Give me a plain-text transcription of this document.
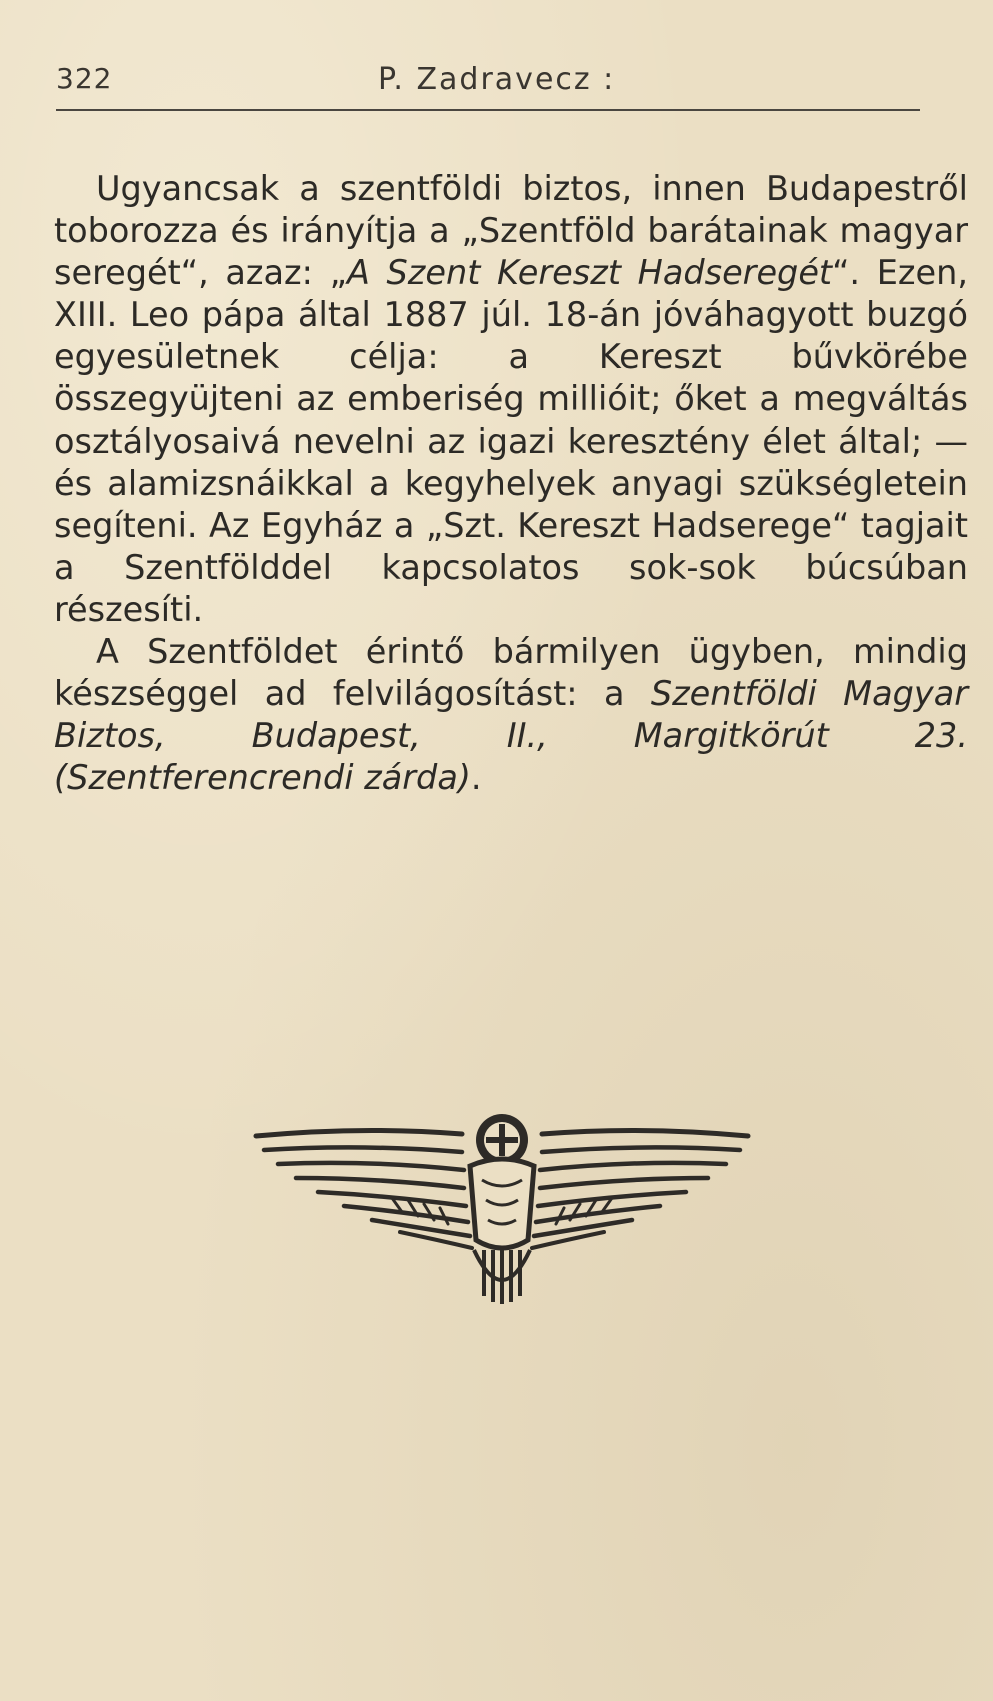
322	P. Zadravecz :

Ugyancsak a szentföldi biztos, innen Budapestről toborozza és irányítja a „Szentföld barátainak magyar seregét“, azaz: „A Szent Kereszt Hadseregét“. Ezen, XIII. Leo pápa által 1887 júl. 18-án jóváhagyott buzgó egyesületnek célja: a Kereszt bűvkörébe összegyüjteni az emberiség millióit; őket a megváltás osztályosaivá nevelni az igazi keresztény élet által; — és alamizsnáikkal a kegyhelyek anyagi szükségletein segíteni. Az Egyház a „Szt. Kereszt Hadserege“ tagjait a Szentfölddel kapcsolatos sok-sok búcsúban részesíti.

A Szentföldet érintő bármilyen ügyben, mindig készséggel ad felvilágosítást: a Szentföldi Magyar Biztos, Budapest, II., Margitkörút 23. (Szentferencrendi zárda).
